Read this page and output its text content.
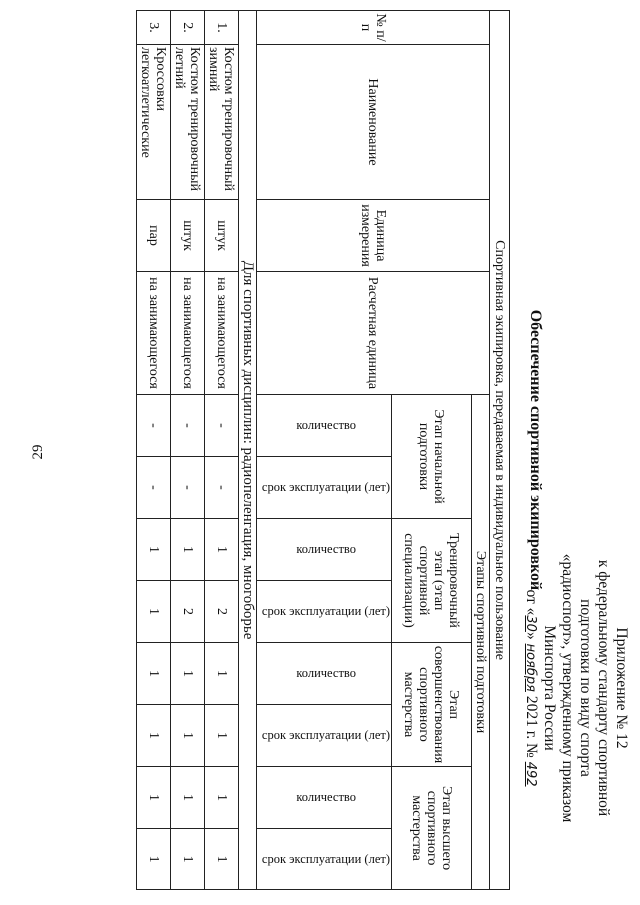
29
Приложение № 12
к федеральному стандарту спортивной
подготовки по виду спорта
«радиоспорт», утвержденному приказом
Минспорта России
от «30» ноября 2021 г. № 492
Обеспечение спортивной экипировкой
Спортивная экипировка, передаваемая в индивидуальное пользование											
№ п/п	Наименование	Единица измерения	Расчетная единица	Этапы спортивной подготовки							
				Этап начальной подготовки		Тренировочный этап (этап спортивной специализации)		Этап совершенствования спортивного мастерства		Этап высшего спортивного мастерства	
				количество	срок эксплуатации (лет)	количество	срок эксплуатации (лет)	количество	срок эксплуатации (лет)	количество	срок эксплуатации (лет)
Для спортивных дисциплин: радиопеленгация, многоборье											
1.	Костюм тренировочный зимний	штук	на занимающегося	-	-	1	2	1	1	1	1
2.	Костюм тренировочный летний	штук	на занимающегося	-	-	1	2	1	1	1	1
3.	Кроссовки легкоатлетические	пар	на занимающегося	-	-	1	1	1	1	1	1
